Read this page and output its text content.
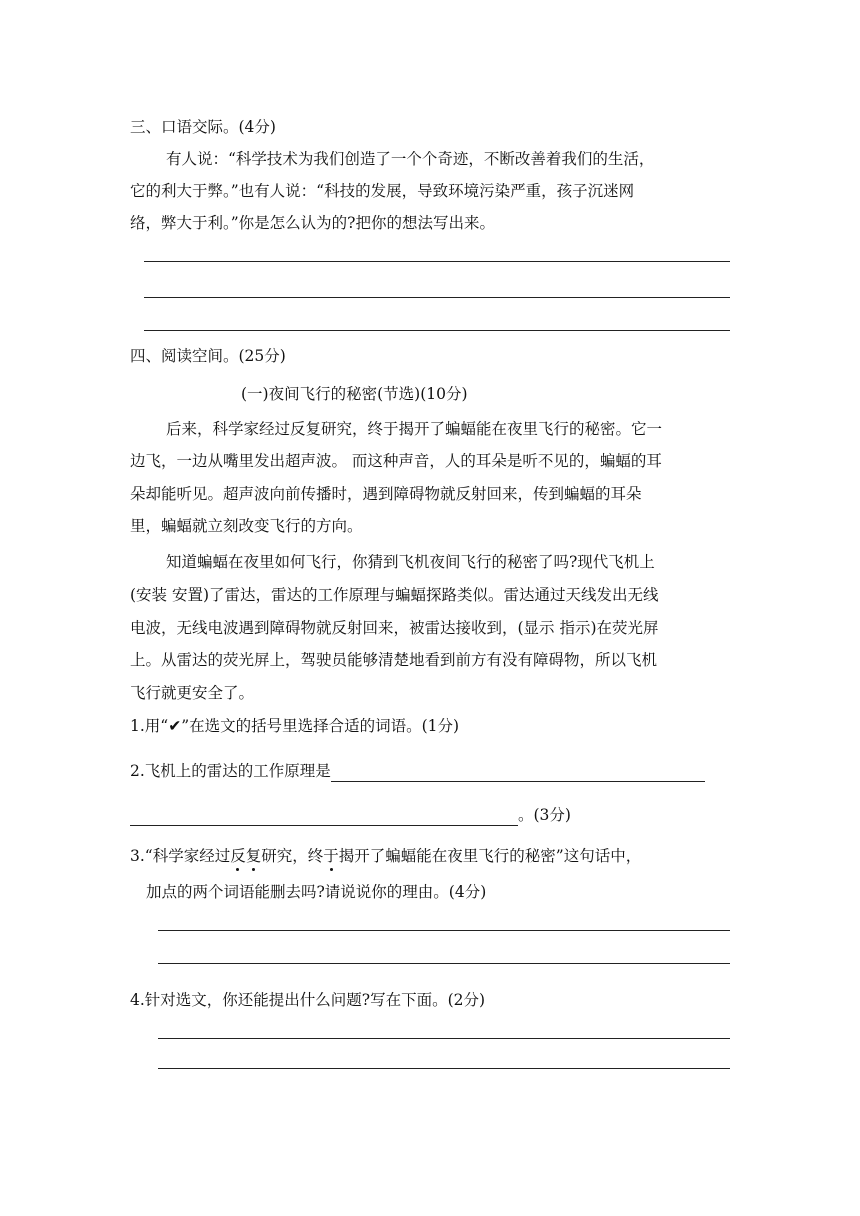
三、口语交际。(4分)
有人说：“科学技术为我们创造了一个个奇迹，不断改善着我们的生活，
它的利大于弊。”也有人说：“科技的发展，导致环境污染严重，孩子沉迷网
络，弊大于利。”你是怎么认为的?把你的想法写出来。
四、阅读空间。(25分)
(一)夜间飞行的秘密(节选)(10分)
后来，科学家经过反复研究，终于揭开了蝙蝠能在夜里飞行的秘密。它一
边飞，一边从嘴里发出超声波。 而这种声音，人的耳朵是听不见的，蝙蝠的耳
朵却能听见。超声波向前传播时，遇到障碍物就反射回来，传到蝙蝠的耳朵
里，蝙蝠就立刻改变飞行的方向。
知道蝙蝠在夜里如何飞行，你猜到飞机夜间飞行的秘密了吗?现代飞机上
(安装 安置)了雷达，雷达的工作原理与蝙蝠探路类似。雷达通过天线发出无线
电波，无线电波遇到障碍物就反射回来，被雷达接收到，(显示 指示)在荧光屏
上。从雷达的荧光屏上，驾驶员能够清楚地看到前方有没有障碍物，所以飞机
飞行就更安全了。
1.用“✔”在选文的括号里选择合适的词语。(1分)
2.飞机上的雷达的工作原理是
。(3分)
3.“科学家经过反复研究，终于揭开了蝙蝠能在夜里飞行的秘密”这句话中，
加点的两个词语能删去吗?请说说你的理由。(4分)
4.针对选文，你还能提出什么问题?写在下面。(2分)
